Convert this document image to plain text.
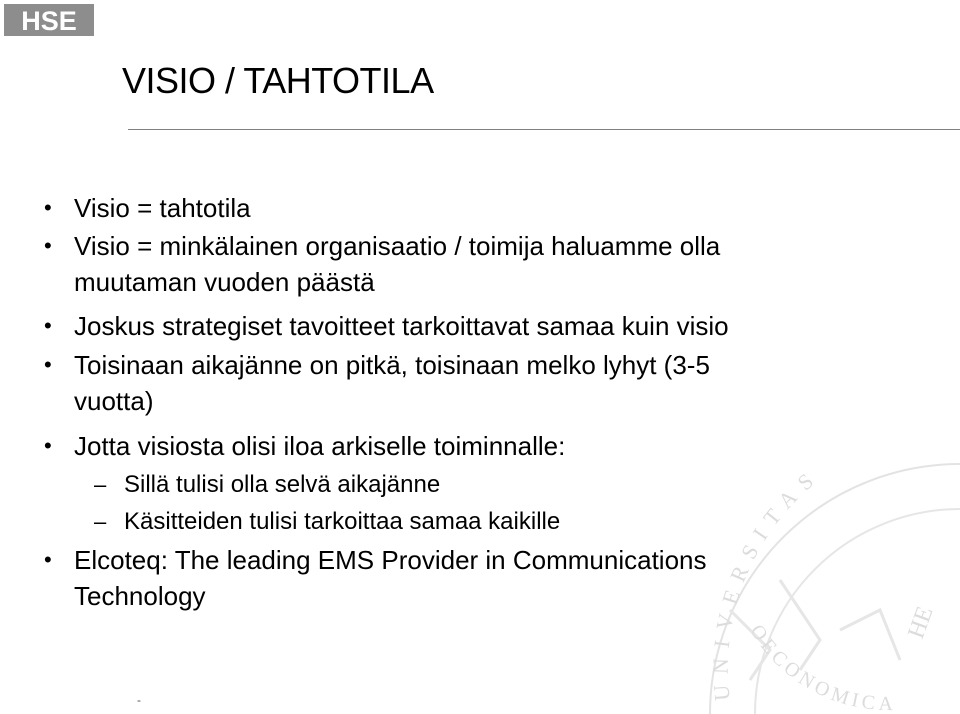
HSE
VISIO / TAHTOTILA
• Visio = tahtotila
• Visio = minkälainen organisaatio / toimija haluamme olla
muutaman vuoden päästä
• Joskus strategiset tavoitteet tarkoittavat samaa kuin visio
• Toisinaan aikajänne on pitkä, toisinaan melko lyhyt (3-5
vuotta)
• Jotta visiosta olisi iloa arkiselle toiminnalle:
– Sillä tulisi olla selvä aikajänne
– Käsitteiden tulisi tarkoittaa samaa kaikille
• Elcoteq: The leading EMS Provider in Communications
Technology
UNIVERSITAS
OECONOMICA
HE
-
